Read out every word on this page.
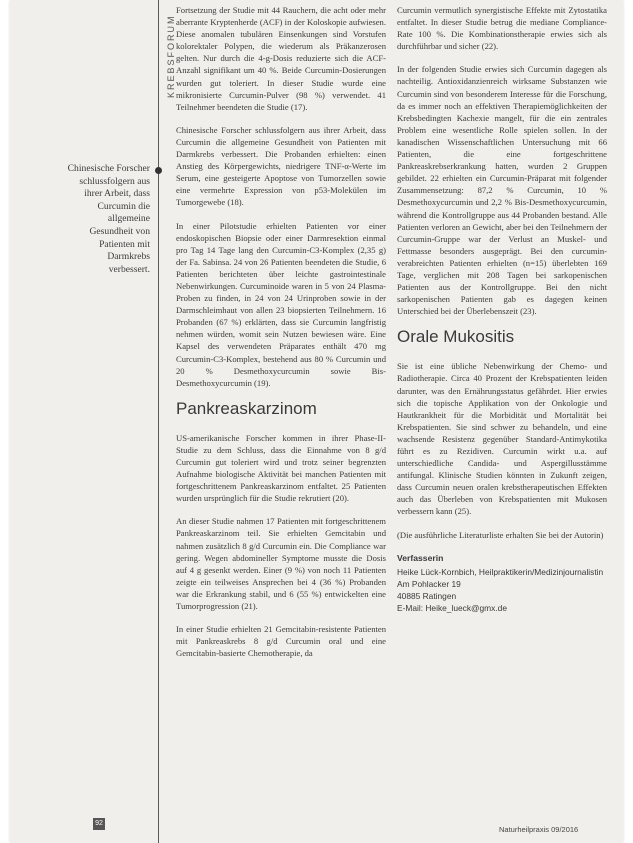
KREBSFORUM
Chinesische Forscher schlussfolgern aus ihrer Arbeit, dass Curcumin die allgemeine Gesundheit von Patienten mit Darmkrebs verbessert.

Fortsetzung der Studie mit 44 Rauchern, die acht oder mehr aberrante Kryptenherde (ACF) in der Koloskopie aufwiesen. Diese anomalen tubulären Einsenkungen sind Vorstufen kolorektaler Polypen, die wiederum als Präkanzerosen gelten. Nur durch die 4-g-Dosis reduzierte sich die ACF-Anzahl signifikant um 40 %. Beide Curcumin-Dosierungen wurden gut toleriert. In dieser Studie wurde eine mikronisierte Curcumin-Pulver (98 %) verwendet. 41 Teilnehmer beendeten die Studie (17).

Chinesische Forscher schlussfolgern aus ihrer Arbeit, dass Curcumin die allgemeine Gesundheit von Patienten mit Darmkrebs verbessert. Die Probanden erhielten: einen Anstieg des Körpergewichts, niedrigere TNF-α-Werte im Serum, eine gesteigerte Apoptose von Tumorzellen sowie eine vermehrte Expression von p53-Molekülen im Tumorgewebe (18).

In einer Pilotstudie erhielten Patienten vor einer endoskopischen Biopsie oder einer Darmresektion einmal pro Tag 14 Tage lang den Curcumin-C3-Komplex (2,35 g) der Fa. Sabinsa. 24 von 26 Patienten beendeten die Studie, 6 Patienten berichteten über leichte gastrointestinale Nebenwirkungen. Curcuminoide waren in 5 von 24 Plasma-Proben zu finden, in 24 von 24 Urinproben sowie in der Darmschleimhaut von allen 23 biopsierten Teilnehmern. 16 Probanden (67 %) erklärten, dass sie Curcumin langfristig nehmen würden, womit sein Nutzen bewiesen wäre. Eine Kapsel des verwendeten Präparates enthält 470 mg Curcumin-C3-Komplex, bestehend aus 80 % Curcumin und 20 % Desmethoxycurcumin sowie Bis-Desmethoxycurcumin (19).

Pankreaskarzinom

US-amerikanische Forscher kommen in ihrer Phase-II-Studie zu dem Schluss, dass die Einnahme von 8 g/d Curcumin gut toleriert wird und trotz seiner begrenzten Aufnahme biologische Aktivität bei manchen Patienten mit fortgeschrittenem Pankreaskarzinom entfaltet. 25 Patienten wurden ursprünglich für die Studie rekrutiert (20).

An dieser Studie nahmen 17 Patienten mit fortgeschrittenem Pankreaskarzinom teil. Sie erhielten Gemcitabin und nahmen zusätzlich 8 g/d Curcumin ein. Die Compliance war gering. Wegen abdomineller Symptome musste die Dosis auf 4 g gesenkt werden. Einer (9 %) von noch 11 Patienten zeigte ein teilweises Ansprechen bei 4 (36 %) Probanden war die Erkrankung stabil, und 6 (55 %) entwickelten eine Tumorprogression (21).

In einer Studie erhielten 21 Gemcitabin-resistente Patienten mit Pankreaskrebs 8 g/d Curcumin oral und eine Gemcitabin-basierte Chemotherapie, da

Curcumin vermutlich synergistische Effekte mit Zytostatika entfaltet. In dieser Studie betrug die mediane Compliance-Rate 100 %. Die Kombinationstherapie erwies sich als durchführbar und sicher (22).

In der folgenden Studie erwies sich Curcumin dagegen als nachteilig. Antioxidanzienreich wirksame Substanzen wie Curcumin sind von besonderem Interesse für die Forschung, da es immer noch an effektiven Therapiemöglichkeiten der Krebsbedingten Kachexie mangelt, für die ein zentrales Problem eine wesentliche Rolle spielen sollen. In der kanadischen Wissenschaftlichen Untersuchung mit 66 Patienten, die eine fortgeschrittene Pankreaskrebserkrankung hatten, wurden 2 Gruppen gebildet. 22 erhielten ein Curcumin-Präparat mit folgender Zusammensetzung: 87,2 % Curcumin, 10 % Desmethoxycurcumin und 2,2 % Bis-Desmethoxycurcumin, während die Kontrollgruppe aus 44 Probanden bestand. Alle Patienten verloren an Gewicht, aber bei den Teilnehmern der Curcumin-Gruppe war der Verlust an Muskel- und Fettmasse besonders ausgeprägt. Bei den curcumin-verabreichten Patienten erhielten (n=15) überlebten 169 Tage, verglichen mit 208 Tagen bei sarkopenischen Patienten aus der Kontrollgruppe. Bei den nicht sarkopenischen Patienten gab es dagegen keinen Unterschied bei der Überlebenszeit (23).

Orale Mukositis

Sie ist eine übliche Nebenwirkung der Chemo- und Radiotherapie. Circa 40 Prozent der Krebspatienten leiden darunter, was den Ernährungsstatus gefährdet. Hier erwies sich die topische Applikation von der Onkologie und Hautkrankheit für die Morbidität und Mortalität bei Krebspatienten. Sie sind schwer zu behandeln, und eine wachsende Resistenz gegenüber Standard-Antimykotika führt es zu Rezidiven. Curcumin wirkt u.a. auf unterschiedliche Candida- und Aspergillusstämme antifungal. Klinische Studien könnten in Zukunft zeigen, dass Curcumin neuen oralen krebstherapeutischen Effekten auch das Überleben von Krebspatienten mit Mukosen verbessern kann (25).

(Die ausführliche Literaturliste erhalten Sie bei der Autorin)

Verfasserin
Heike Lück-Kornbich, Heilpraktikerin/Medizinjournalistin
Am Pohlacker 19
40885 Ratingen
E-Mail: Heike_lueck@gmx.de
92
Naturheilpraxis 09/2016
